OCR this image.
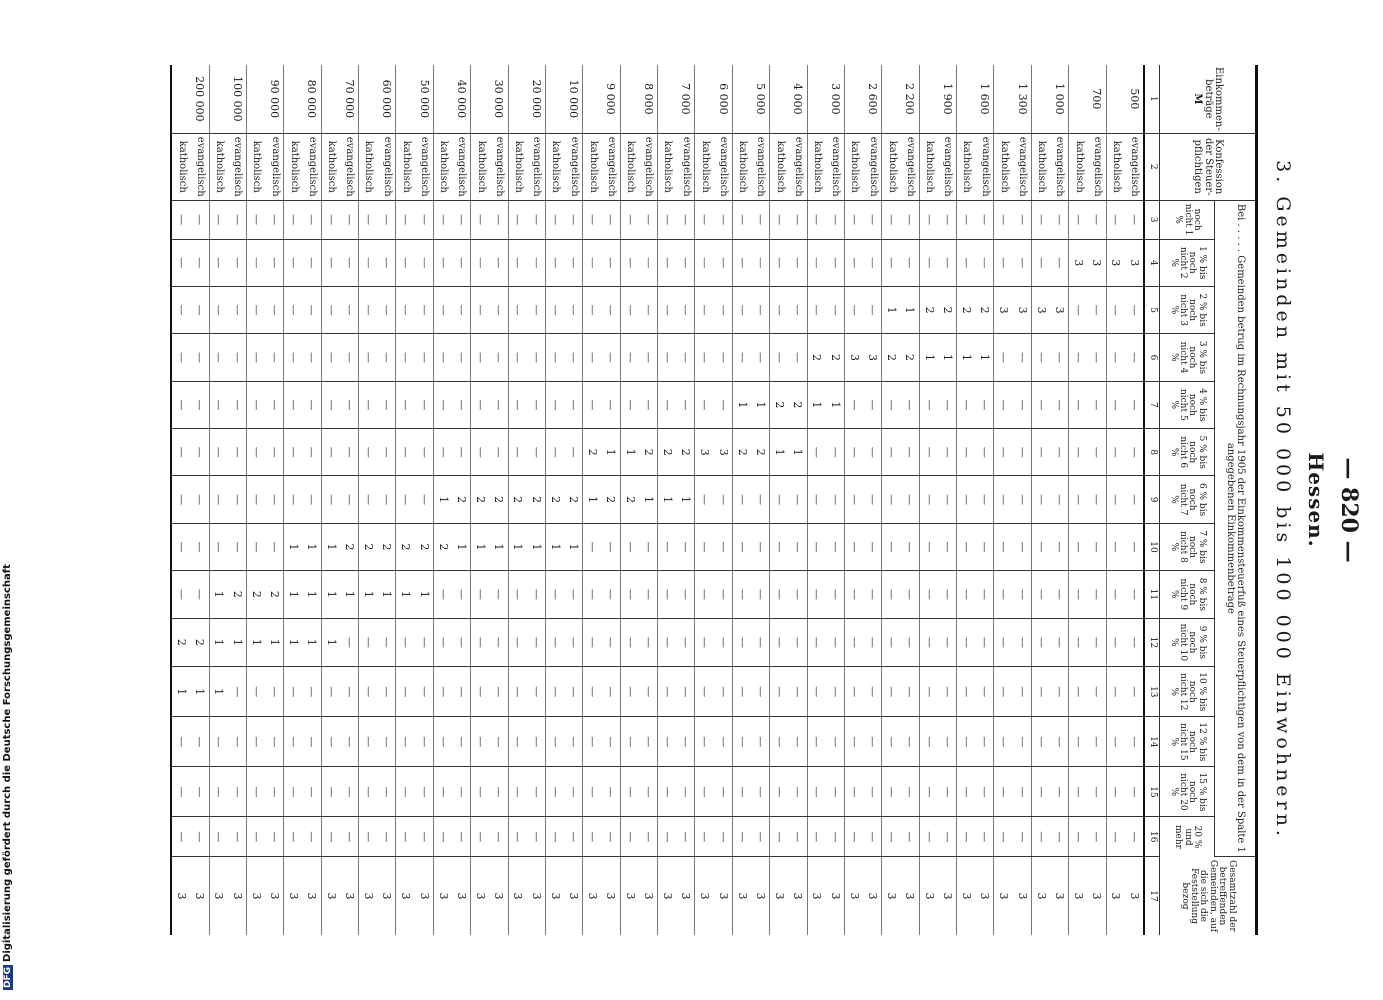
— 820 —
Hessen.
3. Gemeinden mit 50 000 bis 100 000 Einwohnern.
Einkommen-beträge
M	Konfession der Steuer-pflichtigen	Bei . . . . . Gemeinden betrug im Rechnungsjahr 1905 der Einkommensteuerfuß eines Steuerpflichtigen von dem in der Spalte 1 angegebenen Einkommenbetrage														Gesamtzahl der betreffenden Gemeinden, auf die sich die Feststellung bezog
		noch nicht 1 %	1 % bis noch nicht 2 %	2 % bis noch nicht 3 %	3 % bis noch nicht 4 %	4 % bis noch nicht 5 %	5 % bis noch nicht 6 %	6 % bis noch nicht 7 %	7 % bis noch nicht 8 %	8 % bis noch nicht 9 %	9 % bis noch nicht 10 %	10 % bis noch nicht 12 %	12 % bis noch nicht 15 %	15 % bis noch nicht 20 %	20 % und mehr	
1	2	3	4	5	6	7	8	9	10	11	12	13	14	15	16	17
500	evangelisch	—	3	—	—	—	—	—	—	—	—	—	—	—	—	3
	katholisch	—	3	—	—	—	—	—	—	—	—	—	—	—	—	3
700	evangelisch	—	3	—	—	—	—	—	—	—	—	—	—	—	—	3
	katholisch	—	3	—	—	—	—	—	—	—	—	—	—	—	—	3
1 000	evangelisch	—	—	3	—	—	—	—	—	—	—	—	—	—	—	3
	katholisch	—	—	3	—	—	—	—	—	—	—	—	—	—	—	3
1 300	evangelisch	—	—	3	—	—	—	—	—	—	—	—	—	—	—	3
	katholisch	—	—	3	—	—	—	—	—	—	—	—	—	—	—	3
1 600	evangelisch	—	—	2	1	—	—	—	—	—	—	—	—	—	—	3
	katholisch	—	—	2	1	—	—	—	—	—	—	—	—	—	—	3
1 900	evangelisch	—	—	2	1	—	—	—	—	—	—	—	—	—	—	3
	katholisch	—	—	2	1	—	—	—	—	—	—	—	—	—	—	3
2 200	evangelisch	—	—	1	2	—	—	—	—	—	—	—	—	—	—	3
	katholisch	—	—	1	2	—	—	—	—	—	—	—	—	—	—	3
2 600	evangelisch	—	—	—	3	—	—	—	—	—	—	—	—	—	—	3
	katholisch	—	—	—	3	—	—	—	—	—	—	—	—	—	—	3
3 000	evangelisch	—	—	—	2	1	—	—	—	—	—	—	—	—	—	3
	katholisch	—	—	—	2	1	—	—	—	—	—	—	—	—	—	3
4 000	evangelisch	—	—	—	—	2	1	—	—	—	—	—	—	—	—	3
	katholisch	—	—	—	—	2	1	—	—	—	—	—	—	—	—	3
5 000	evangelisch	—	—	—	—	1	2	—	—	—	—	—	—	—	—	3
	katholisch	—	—	—	—	1	2	—	—	—	—	—	—	—	—	3
6 000	evangelisch	—	—	—	—	—	3	—	—	—	—	—	—	—	—	3
	katholisch	—	—	—	—	—	3	—	—	—	—	—	—	—	—	3
7 000	evangelisch	—	—	—	—	—	2	1	—	—	—	—	—	—	—	3
	katholisch	—	—	—	—	—	2	1	—	—	—	—	—	—	—	3
8 000	evangelisch	—	—	—	—	—	2	1	—	—	—	—	—	—	—	3
	katholisch	—	—	—	—	—	1	2	—	—	—	—	—	—	—	3
9 000	evangelisch	—	—	—	—	—	1	2	—	—	—	—	—	—	—	3
	katholisch	—	—	—	—	—	2	1	—	—	—	—	—	—	—	3
10 000	evangelisch	—	—	—	—	—	—	2	1	—	—	—	—	—	—	3
	katholisch	—	—	—	—	—	—	2	1	—	—	—	—	—	—	3
20 000	evangelisch	—	—	—	—	—	—	2	1	—	—	—	—	—	—	3
	katholisch	—	—	—	—	—	—	2	1	—	—	—	—	—	—	3
30 000	evangelisch	—	—	—	—	—	—	2	1	—	—	—	—	—	—	3
	katholisch	—	—	—	—	—	—	2	1	—	—	—	—	—	—	3
40 000	evangelisch	—	—	—	—	—	—	2	1	—	—	—	—	—	—	3
	katholisch	—	—	—	—	—	—	1	2	—	—	—	—	—	—	3
50 000	evangelisch	—	—	—	—	—	—	—	2	1	—	—	—	—	—	3
	katholisch	—	—	—	—	—	—	—	2	1	—	—	—	—	—	3
60 000	evangelisch	—	—	—	—	—	—	—	2	1	—	—	—	—	—	3
	katholisch	—	—	—	—	—	—	—	2	1	—	—	—	—	—	3
70 000	evangelisch	—	—	—	—	—	—	—	2	1	—	—	—	—	—	3
	katholisch	—	—	—	—	—	—	—	1	1	1	—	—	—	—	3
80 000	evangelisch	—	—	—	—	—	—	—	1	1	1	—	—	—	—	3
	katholisch	—	—	—	—	—	—	—	1	1	1	—	—	—	—	3
90 000	evangelisch	—	—	—	—	—	—	—	—	2	1	—	—	—	—	3
	katholisch	—	—	—	—	—	—	—	—	2	1	—	—	—	—	3
100 000	evangelisch	—	—	—	—	—	—	—	—	2	1	—	—	—	—	3
	katholisch	—	—	—	—	—	—	—	—	1	1	1	—	—	—	3
200 000	evangelisch	—	—	—	—	—	—	—	—	—	2	1	—	—	—	3
	katholisch	—	—	—	—	—	—	—	—	—	2	1	—	—	—	3
DFGDigitalisierung gefördert durch die Deutsche Forschungsgemeinschaft
